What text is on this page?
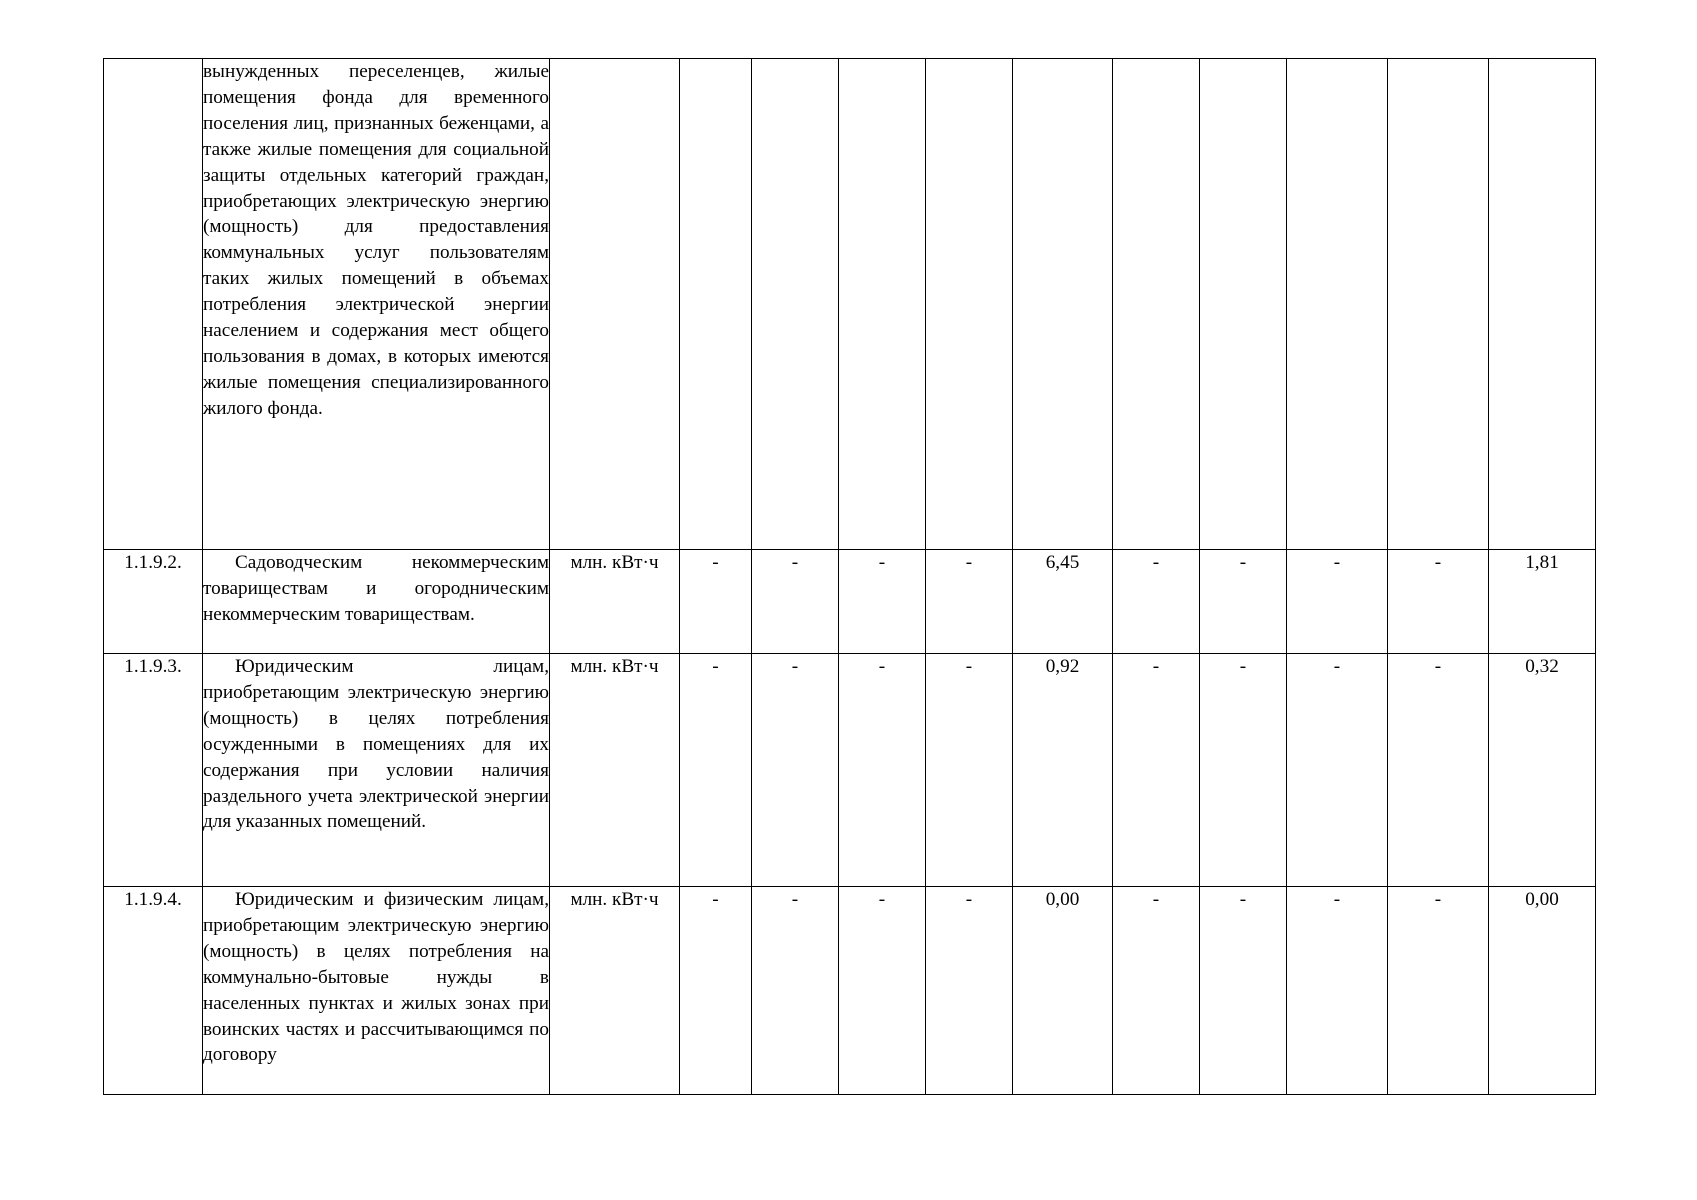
	вынужденных переселенцев, жилые помещения фонда для временного поселения лиц, признанных беженцами, а также жилые помещения для социальной защиты отдельных категорий граждан, приобретающих электрическую энергию (мощность) для предоставления коммунальных услуг пользователям таких жилых помещений в объемах потребления электрической энергии населением и содержания мест общего пользования в домах, в которых имеются жилые помещения специализированного жилого фонда.											
1.1.9.2.	Садоводческим некоммерческим товариществам и огородническим некоммерческим товариществам.	млн. кВт·ч	-	-	-	-	6,45	-	-	-	-	1,81
1.1.9.3.	Юридическим лицам, приобретающим электрическую энергию (мощность) в целях потребления осужденными в помещениях для их содержания при условии наличия раздельного учета электрической энергии для указанных помещений.	млн. кВт·ч	-	-	-	-	0,92	-	-	-	-	0,32
1.1.9.4.	Юридическим и физическим лицам, приобретающим электрическую энергию (мощность) в целях потребления на коммунально-бытовые нужды в населенных пунктах и жилых зонах при воинских частях и рассчитывающимся по договору	млн. кВт·ч	-	-	-	-	0,00	-	-	-	-	0,00
